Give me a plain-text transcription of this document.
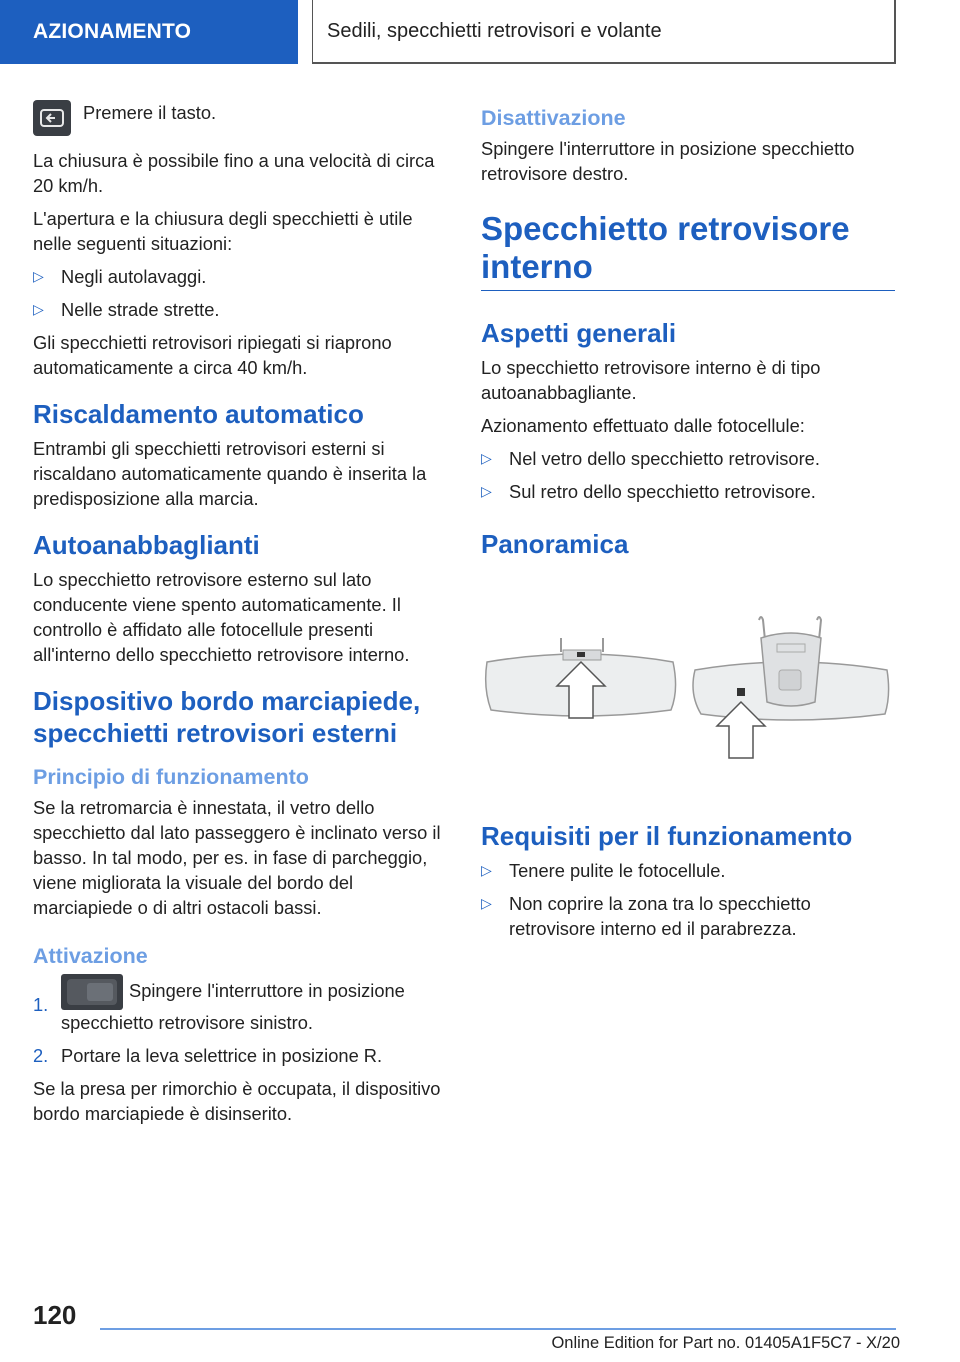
AZIONAMENTO	Sedili, specchietti retrovisori e volante
Premere il tasto.

La chiusura è possibile fino a una velocità di circa 20 km/h.

L'apertura e la chiusura degli specchietti è utile nelle seguenti situazioni:

▷ Negli autolavaggi.
▷ Nelle strade strette.

Gli specchietti retrovisori ripiegati si riaprono automaticamente a circa 40 km/h.

Riscaldamento automatico

Entrambi gli specchietti retrovisori esterni si riscaldano automaticamente quando è inserita la predisposizione alla marcia.

Autoanabbaglianti

Lo specchietto retrovisore esterno sul lato conducente viene spento automaticamente. Il controllo è affidato alle fotocellule presenti all'interno dello specchietto retrovisore interno.

Dispositivo bordo marciapiede, specchietti retrovisori esterni
Principio di funzionamento

Se la retromarcia è innestata, il vetro dello specchietto dal lato passeggero è inclinato verso il basso. In tal modo, per es. in fase di parcheggio, viene migliorata la visuale del bordo del marciapiede o di altri ostacoli bassi.

Attivazione
1.
Spingere l'interruttore in posizione specchietto retrovisore sinistro.
2. Portare la leva selettrice in posizione R.

Se la presa per rimorchio è occupata, il dispositivo bordo marciapiede è disinserito.

Disattivazione

Spingere l'interruttore in posizione specchietto retrovisore destro.

Specchietto retrovisore interno
Aspetti generali

Lo specchietto retrovisore interno è di tipo autoanabbagliante.

Azionamento effettuato dalle fotocellule:

▷ Nel vetro dello specchietto retrovisore.
▷ Sul retro dello specchietto retrovisore.
Panoramica
Requisiti per il funzionamento
▷ Tenere pulite le fotocellule.
▷ Non coprire la zona tra lo specchietto retrovisore interno ed il parabrezza.
120
Online Edition for Part no. 01405A1F5C7 - X/20
